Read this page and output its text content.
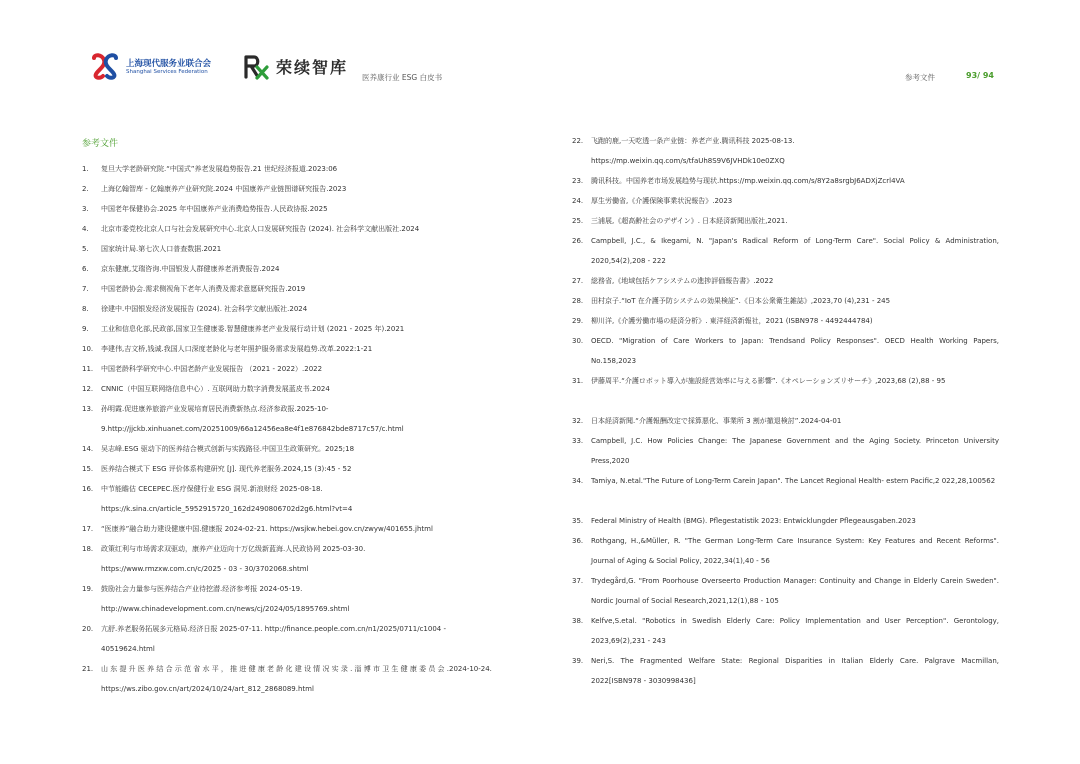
上海现代服务业联合会
Shanghai Services Federation	荣续智库
医养康行业 ESG 白皮书	参考文件	93/ 94
参考文件
1.	复旦大学老龄研究院.“中国式”养老发展趋势报告.21 世纪经济报道.2023:06
2.	上海亿翰智库 - 亿翰康养产业研究院.2024 中国康养产业链图谱研究报告.2023
3.	中国老年保健协会.2025 年中国康养产业消费趋势报告.人民政协报.2025
4.	北京市委党校北京人口与社会发展研究中心.北京人口发展研究报告 (2024). 社会科学文献出版社.2024
5.	国家统计局.第七次人口普查数据.2021
6.	京东健康,艾瑞咨询.中国银发人群健康养老消费报告.2024
7.	中国老龄协会.需求侧视角下老年人消费及需求意愿研究报告.2019
8.	徐建中.中国银发经济发展报告 (2024). 社会科学文献出版社.2024
9.	工业和信息化部,民政部,国家卫生健康委.智慧健康养老产业发展行动计划 (2021 - 2025 年).2021
10.	李建伟,吉文桥,钱诚.我国人口深度老龄化与老年照护服务需求发展趋势.改革.2022:1-21
11.	中国老龄科学研究中心.中国老龄产业发展报告 （2021 - 2022）.2022
12.	CNNIC（中国互联网络信息中心）. 互联网助力数字消费发展蓝皮书.2024
13.	孙明霞.促进康养旅游产业发展培育居民消费新热点.经济参政报.2025-10-
9.http://jjckb.xinhuanet.com/20251009/66a12456ea8e4f1e876842bde8717c57/c.html
14.	吴志峰.ESG 驱动下的医养结合模式创新与实践路径.中国卫生政策研究。2025;18
15.	医养结合模式下 ESG 评价体系构建研究 [J]. 现代养老服务.2024,15 (3):45 - 52
16.	中节能瞻估 CECEPEC.医疗保健行业 ESG 洞见.新浪财经 2025-08-18.
https://k.sina.cn/article_5952915720_162d2490806702d2g6.html?vt=4
17.	“医康养”融合助力建设健康中国.健康报 2024-02-21. https://wsjkw.hebei.gov.cn/zwyw/401655.jhtml
18.	政策红利与市场需求双驱动，康养产业迈向十万亿级新蓝海.人民政协网 2025-03-30.
https://www.rmzxw.com.cn/c/2025 - 03 - 30/3702068.shtml
19.	鼓励社会力量参与医养结合产业待挖潜.经济参考报 2024-05-19.
http://www.chinadevelopment.com.cn/news/cj/2024/05/1895769.shtml
20.	亢舒.养老服务拓展多元格局.经济日报 2025-07-11. http://finance.people.com.cn/n1/2025/0711/c1004 -
40519624.html
21.	山 东 提 升 医 养 结 合 示 范 省 水 平 ， 推 进 健 康 老 龄 化 建 设 情 况 实 录 . 淄 博 市 卫 生 健 康 委 员 会 .2024-10-24.
https://ws.zibo.gov.cn/art/2024/10/24/art_812_2868089.html
22.	飞跑的鹿,一天吃透一条产业链：养老产业.腾讯科技 2025-08-13.
https://mp.weixin.qq.com/s/tfaUh8S9V6JVHDk10e0ZXQ
23.	腾讯科技。中国养老市场发展趋势与现状.https://mp.weixin.qq.com/s/8Y2a8srgbJ6ADXjZcrl4VA
24.	厚生労働省,《介護保険事業状況報告》.2023
25.	三浦展,《超高齢社会のデザイン》. 日本経済新聞出版社,2021.
26.	Campbell, J.C., & Ikegami, N. "Japan's Radical Reform of Long-Term Care". Social Policy & Administration, 2020,54(2),208 - 222
27.	総務省,《地域包括ケアシステムの進捗評価報告書》.2022
28.	田村京子.“IoT 在介護予防システムの効果検証”.《日本公衆衛生雑誌》,2023,70 (4),231 - 245
29.	柳川洋,《介護労働市場の経済分析》. 東洋経済新報社，2021 (ISBN978 - 4492444784)
30.	OECD. "Migration of Care Workers to Japan: Trendsand Policy Responses". OECD Health Working Papers, No.158,2023
31.	伊藤周平.“介護ロボット導入が施設経営効率に与える影響”.《オペレーションズリサーチ》,2023,68 (2),88 - 95
32.	日本経済新聞.“介護報酬改定で採算悪化、事業所 3 割が撤退検討”.2024-04-01
33.	Campbell, J.C. How Policies Change: The Japanese Government and the Aging Society. Princeton University Press,2020
34.	Tamiya, N.etal."The Future of Long-Term Carein Japan". The Lancet Regional Health- estern Pacific,2 022,28,100562
35.	Federal Ministry of Health (BMG). Pflegestatistik 2023: Entwicklungder Pflegeausgaben.2023
36.	Rothgang, H.,&Müller, R. "The German Long-Term Care Insurance System: Key Features and Recent Reforms". Journal of Aging & Social Policy, 2022,34(1),40 - 56
37.	Trydegård,G. "From Poorhouse Overseerto Production Manager: Continuity and Change in Elderly Carein Sweden". Nordic Journal of Social Research,2021,12(1),88 - 105
38.	Kelfve,S.etal. "Robotics in Swedish Elderly Care: Policy Implementation and User Perception". Gerontology, 2023,69(2),231 - 243
39.	Neri,S. The Fragmented Welfare State: Regional Disparities in Italian Elderly Care. Palgrave Macmillan, 2022[ISBN978 - 3030998436]
